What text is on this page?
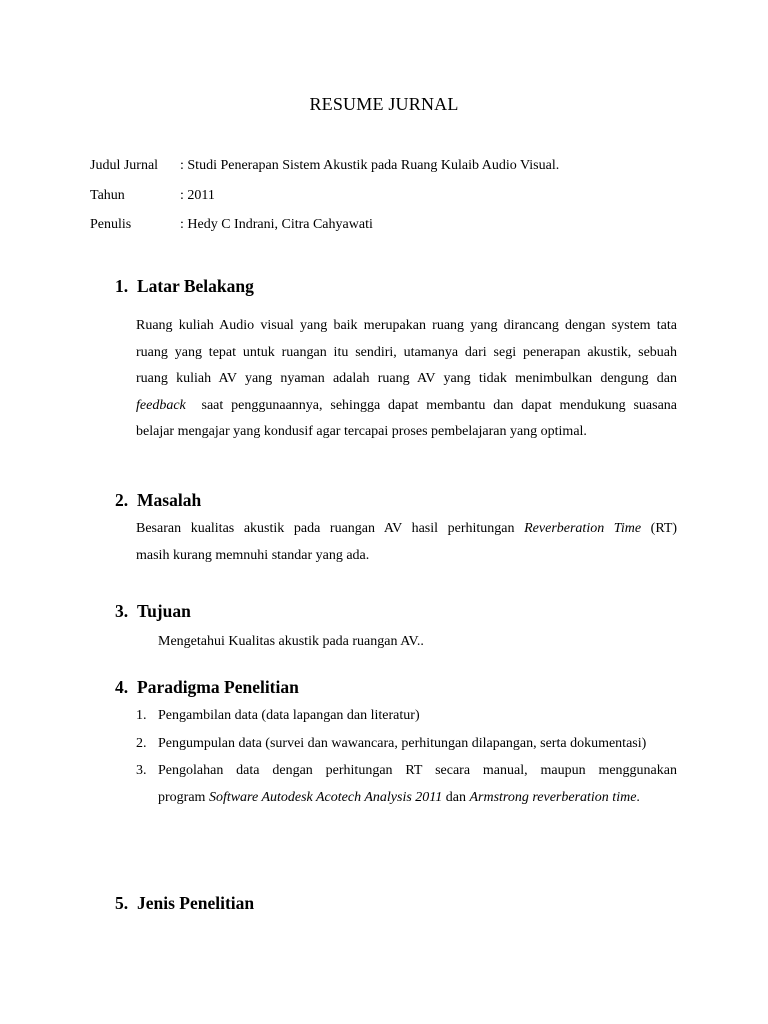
RESUME JURNAL
Judul Jurnal : Studi Penerapan Sistem Akustik pada Ruang Kulaib Audio Visual.
Tahun	: 2011
Penulis	: Hedy C Indrani, Citra Cahyawati
1. Latar Belakang
Ruang kuliah Audio visual yang baik merupakan ruang yang dirancang dengan system tata
ruang yang tepat untuk ruangan itu sendiri, utamanya dari segi penerapan akustik, sebuah
ruang kuliah AV yang nyaman adalah ruang AV yang tidak menimbulkan dengung dan
feedback saat penggunaannya, sehingga dapat membantu dan dapat mendukung suasana
belajar mengajar yang kondusif agar tercapai proses pembelajaran yang optimal.
2. Masalah
Besaran kualitas akustik pada ruangan AV hasil perhitungan Reverberation Time (RT)
masih kurang memnuhi standar yang ada.
3. Tujuan
Mengetahui Kualitas akustik pada ruangan AV..
4. Paradigma Penelitian
1. Pengambilan data (data lapangan dan literatur)
2. Pengumpulan data (survei dan wawancara, perhitungan dilapangan, serta dokumentasi)
3. Pengolahan data dengan perhitungan RT secara manual, maupun menggunakan
program Software Autodesk Acotech Analysis 2011 dan Armstrong reverberation time.
5. Jenis Penelitian
